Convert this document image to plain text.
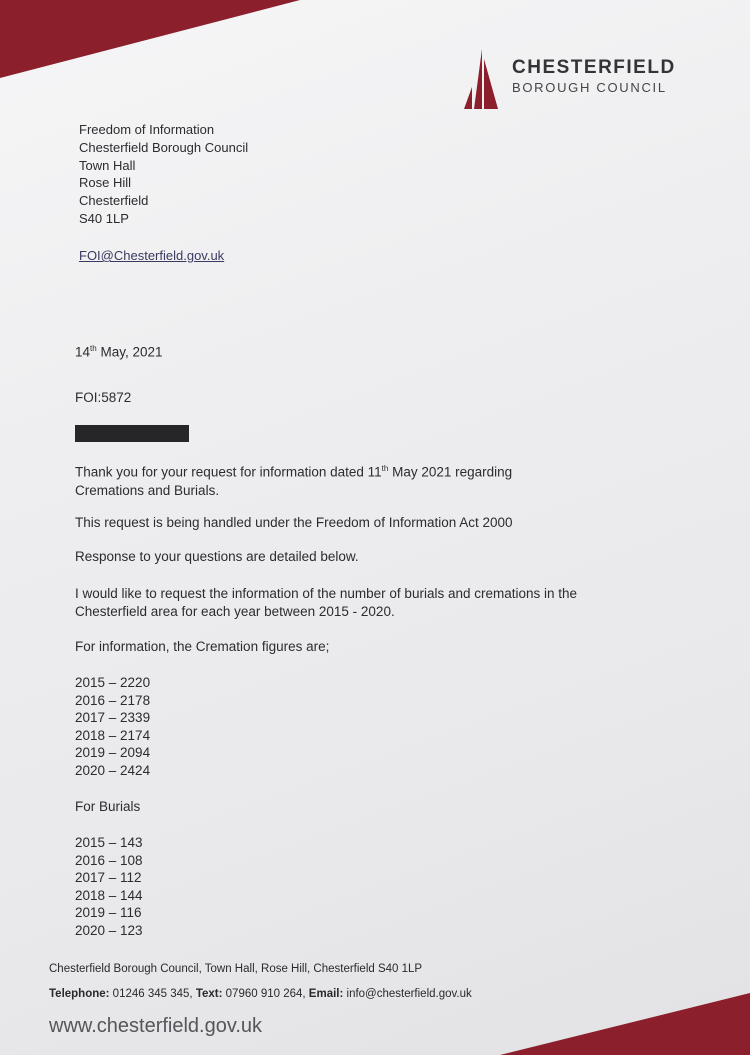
CHESTERFIELD
BOROUGH COUNCIL
Freedom of Information
Chesterfield Borough Council
Town Hall
Rose Hill
Chesterfield
S40 1LP
FOI@Chesterfield.gov.uk

14th May, 2021

FOI:5872

Thank you for your request for information dated 11th May 2021 regarding
Cremations and Burials.

This request is being handled under the Freedom of Information Act 2000

Response to your questions are detailed below.

I would like to request the information of the number of burials and cremations in the
Chesterfield area for each year between 2015 - 2020.

For information, the Cremation figures are;

2015 – 2220
2016 – 2178
2017 – 2339
2018 – 2174
2019 – 2094
2020 – 2424

For Burials

2015 – 143
2016 – 108
2017 – 112
2018 – 144
2019 – 116
2020 – 123
Chesterfield Borough Council, Town Hall, Rose Hill, Chesterfield S40 1LP
Telephone: 01246 345 345, Text: 07960 910 264, Email: info@chesterfield.gov.uk
www.chesterfield.gov.uk
